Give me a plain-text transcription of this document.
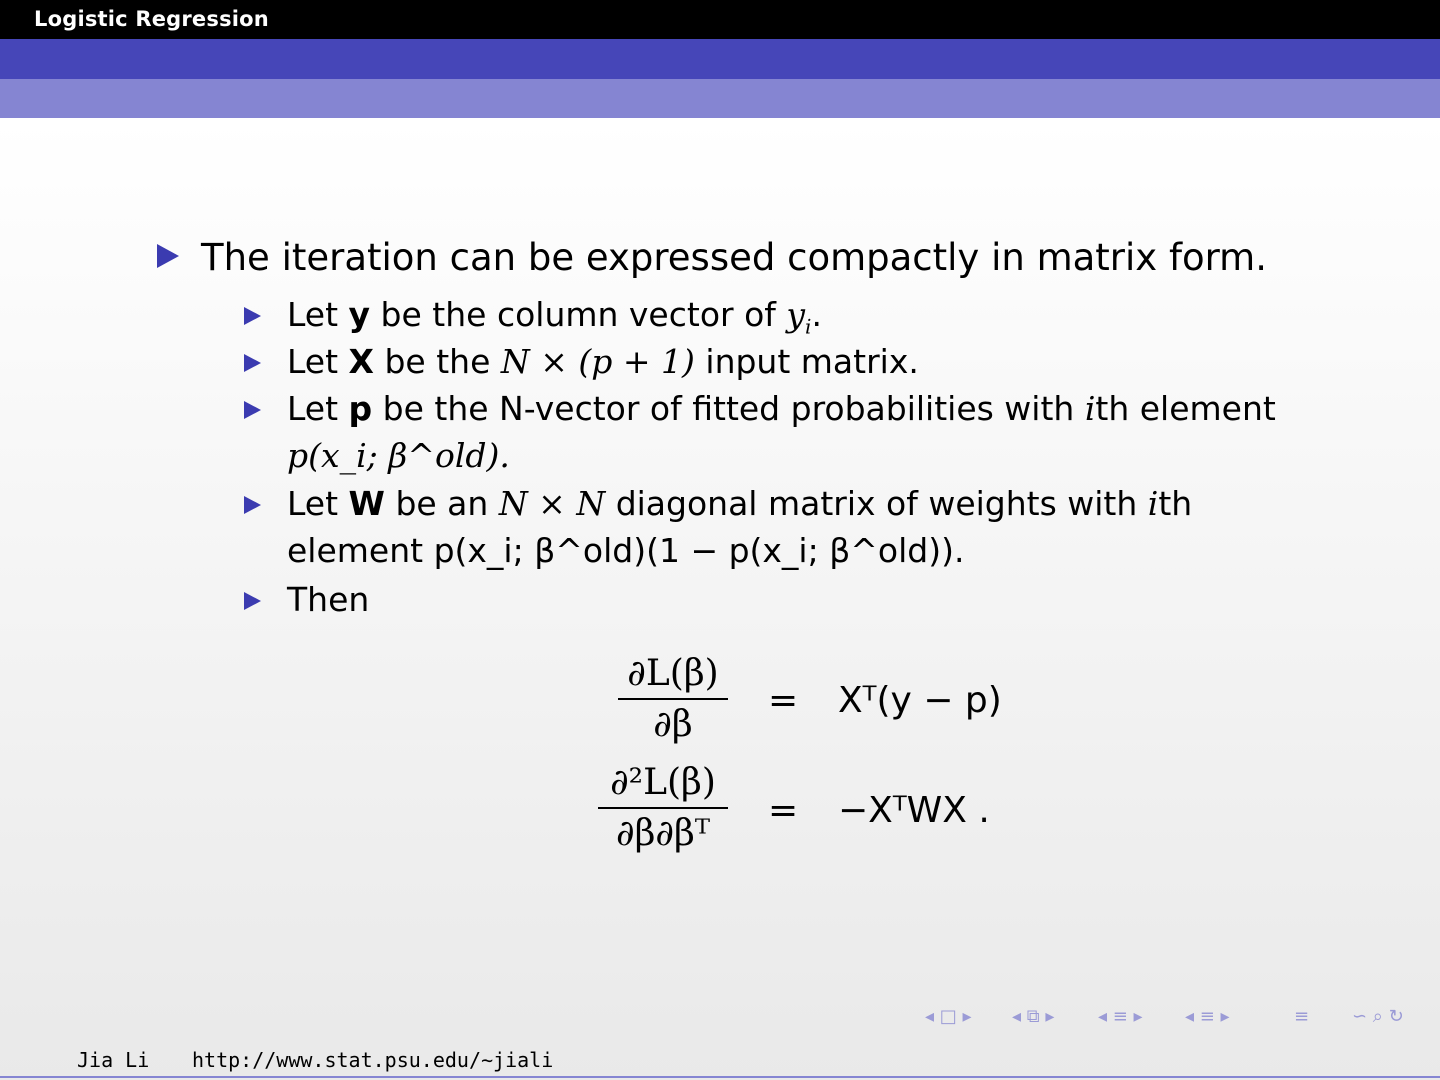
Logistic Regression
The iteration can be expressed compactly in matrix form.
Let y be the column vector of $y_i$.
Let X be the N × (p + 1) input matrix.
Let p be the N-vector of fitted probabilities with ith element
p(x_i; β^old).
Let W be an N × N diagonal matrix of weights with ith
element p(x_i; β^old)(1 − p(x_i; β^old)).
Then
$\frac{\partial L(\beta)}{\partial\beta}$ = Xᵀ(y − p)
$\frac{\text{∂²L(β)}}{\text{∂β∂βᵀ}}$ = −XᵀWX .
◂ □ ▸ ◂ ⧉ ▸ ◂ ≡ ▸ ◂ ≡ ▸	≡ ∽ ⌕ ↻
Jia Li http://www.stat.psu.edu/∼jiali
